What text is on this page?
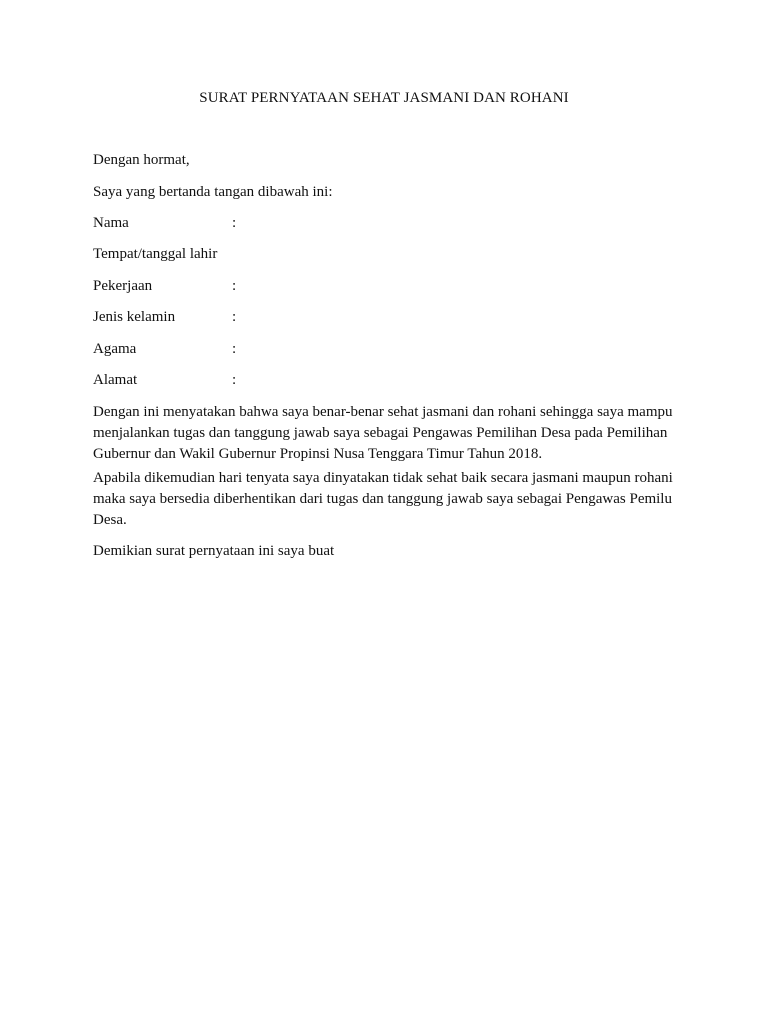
SURAT PERNYATAAN SEHAT JASMANI DAN ROHANI
Dengan hormat,
Saya yang bertanda tangan dibawah ini:
Nama	:
Tempat/tanggal lahir
Pekerjaan	:
Jenis kelamin	:
Agama	:
Alamat	:

Dengan ini menyatakan bahwa saya benar-benar sehat jasmani dan rohani sehingga saya mampu menjalankan tugas dan tanggung jawab saya sebagai Pengawas Pemilihan Desa pada Pemilihan Gubernur dan Wakil Gubernur Propinsi Nusa Tenggara Timur Tahun 2018.

Apabila dikemudian hari tenyata saya dinyatakan tidak sehat baik secara jasmani maupun rohani maka saya bersedia diberhentikan dari tugas dan tanggung jawab saya sebagai Pengawas Pemilu Desa.

Demikian surat pernyataan ini saya buat
